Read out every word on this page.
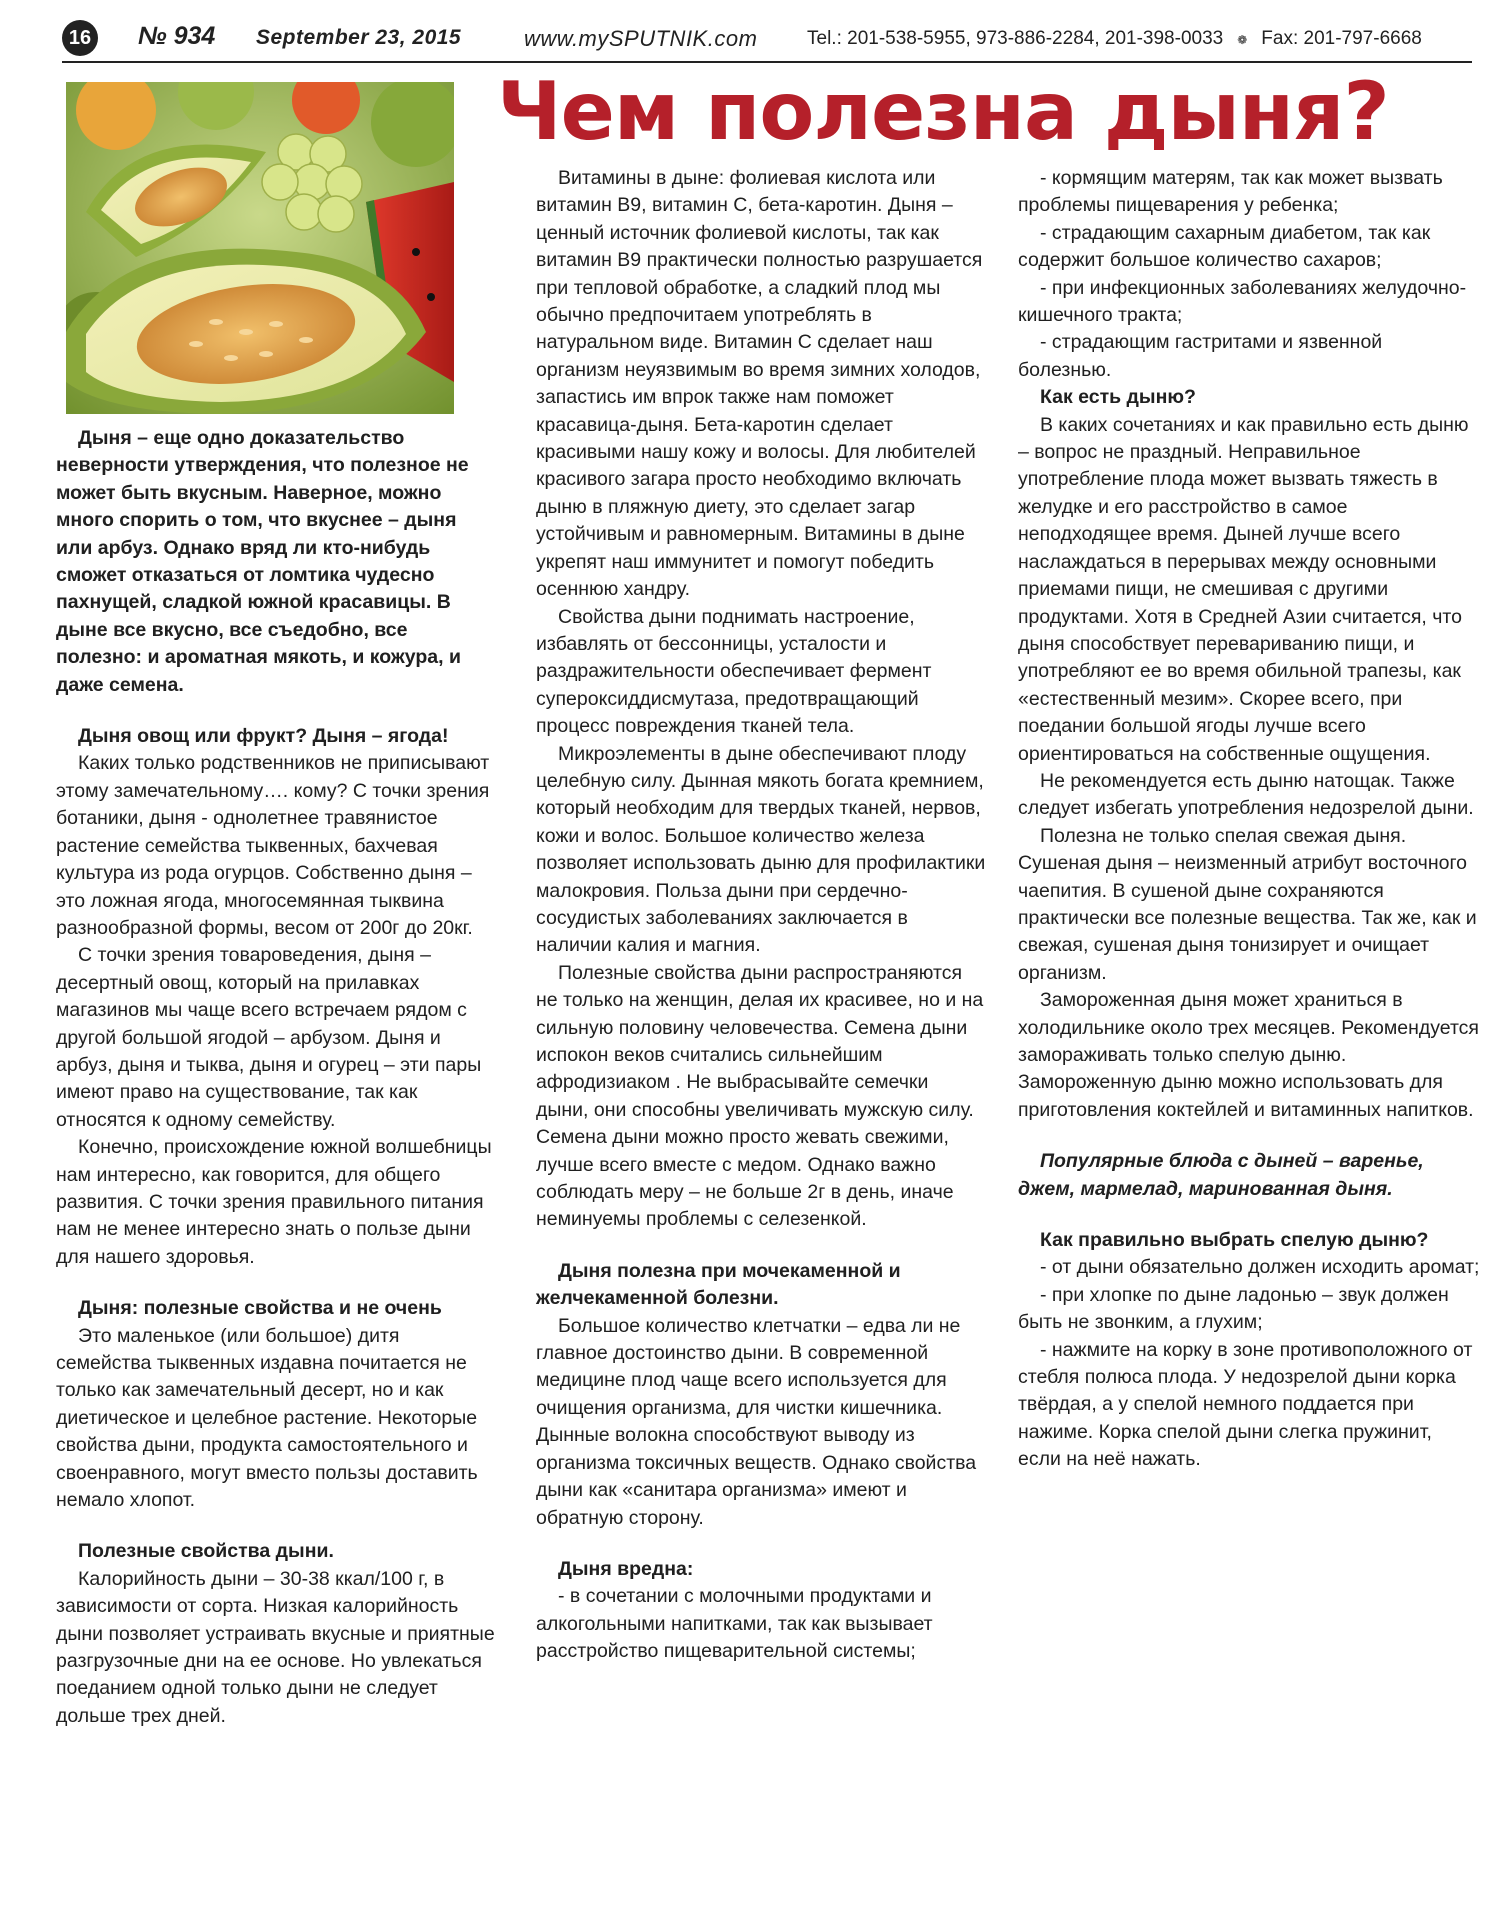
16 № 934 September 23, 2015	www.mySPUTNIK.com	Tel.: 201-538-5955, 973-886-2284, 201-398-0033 ❁ Fax: 201-797-6668
Чем полезна дыня?

Дыня – еще одно доказательство неверности утверждения, что полезное не может быть вкусным. Наверное, можно много спорить о том, что вкуснее – дыня или арбуз. Однако вряд ли кто-нибудь сможет отказаться от ломтика чудесно пахнущей, сладкой южной красавицы. В дыне все вкусно, все съедобно, все полезно: и ароматная мякоть, и кожура, и даже семена.

Дыня овощ или фрукт? Дыня – ягода!

Каких только родственников не приписывают этому замечательному…. кому? С точки зрения ботаники, дыня - однолетнее травянистое растение семейства тыквенных, бахчевая культура из рода огурцов. Собственно дыня – это ложная ягода, многосемянная тыквина разнообразной формы, весом от 200г до 20кг.

С точки зрения товароведения, дыня – десертный овощ, который на прилавках магазинов мы чаще всего встречаем рядом с другой большой ягодой – арбузом. Дыня и арбуз, дыня и тыква, дыня и огурец – эти пары имеют право на существование, так как относятся к одному семейству.

Конечно, происхождение южной волшебницы нам интересно, как говорится, для общего развития. С точки зрения правильного питания нам не менее интересно знать о пользе дыни для нашего здоровья.

Дыня: полезные свойства и не очень

Это маленькое (или большое) дитя семейства тыквенных издавна почитается не только как замечательный десерт, но и как диетическое и целебное растение. Некоторые свойства дыни, продукта самостоятельного и своенравного, могут вместо пользы доставить немало хлопот.

Полезные свойства дыни.

Калорийность дыни – 30-38 ккал/100 г, в зависимости от сорта. Низкая калорийность дыни позволяет устраивать вкусные и приятные разгрузочные дни на ее основе. Но увлекаться поеданием одной только дыни не следует дольше трех дней.

Витамины в дыне: фолиевая кислота или витамин В9, витамин С, бета-каротин. Дыня – ценный источник фолиевой кислоты, так как витамин В9 практически полностью разрушается при тепловой обработке, а сладкий плод мы обычно предпочитаем употреблять в натуральном виде. Витамин С сделает наш организм неуязвимым во время зимних холодов, запастись им впрок также нам поможет красавица-дыня. Бета-каротин сделает красивыми нашу кожу и волосы. Для любителей красивого загара просто необходимо включать дыню в пляжную диету, это сделает загар устойчивым и равномерным. Витамины в дыне укрепят наш иммунитет и помогут победить осеннюю хандру.

Свойства дыни поднимать настроение, избавлять от бессонницы, усталости и раздражительности обеспечивает фермент супероксиддисмутаза, предотвращающий процесс повреждения тканей тела.

Микроэлементы в дыне обеспечивают плоду целебную силу. Дынная мякоть богата кремнием, который необходим для твердых тканей, нервов, кожи и волос. Большое количество железа позволяет использовать дыню для профилактики малокровия. Польза дыни при сердечно-сосудистых заболеваниях заключается в наличии калия и магния.

Полезные свойства дыни распространяются не только на женщин, делая их красивее, но и на сильную половину человечества. Семена дыни испокон веков считались сильнейшим афродизиаком . Не выбрасывайте семечки дыни, они способны увеличивать мужскую силу. Семена дыни можно просто жевать свежими, лучше всего вместе с медом. Однако важно соблюдать меру – не больше 2г в день, иначе неминуемы проблемы с селезенкой.

Дыня полезна при мочекаменной и желчекаменной болезни.

Большое количество клетчатки – едва ли не главное достоинство дыни. В современной медицине плод чаще всего используется для очищения организма, для чистки кишечника. Дынные волокна способствуют выводу из организма токсичных веществ. Однако свойства дыни как «санитара организма» имеют и обратную сторону.

Дыня вредна:

- в сочетании с молочными продуктами и алкогольными напитками, так как вызывает расстройство пищеварительной системы;

- кормящим матерям, так как может вызвать проблемы пищеварения у ребенка;

- страдающим сахарным диабетом, так как содержит большое количество сахаров;

- при инфекционных заболеваниях желудочно-кишечного тракта;

- страдающим гастритами и язвенной болезнью.

Как есть дыню?

В каких сочетаниях и как правильно есть дыню – вопрос не праздный. Неправильное употребление плода может вызвать тяжесть в желудке и его расстройство в самое неподходящее время. Дыней лучше всего наслаждаться в перерывах между основными приемами пищи, не смешивая с другими продуктами. Хотя в Средней Азии считается, что дыня способствует перевариванию пищи, и употребляют ее во время обильной трапезы, как «естественный мезим». Скорее всего, при поедании большой ягоды лучше всего ориентироваться на собственные ощущения.

Не рекомендуется есть дыню натощак. Также следует избегать употребления недозрелой дыни.

Полезна не только спелая свежая дыня. Сушеная дыня – неизменный атрибут восточного чаепития. В сушеной дыне сохраняются практически все полезные вещества. Так же, как и свежая, сушеная дыня тонизирует и очищает организм.

Замороженная дыня может храниться в холодильнике около трех месяцев. Рекомендуется замораживать только спелую дыню. Замороженную дыню можно использовать для приготовления коктейлей и витаминных напитков.

Популярные блюда с дыней – варенье, джем, мармелад, маринованная дыня.

Как правильно выбрать спелую дыню?

- от дыни обязательно должен исходить аромат;

- при хлопке по дыне ладонью – звук должен быть не звонким, а глухим;

- нажмите на корку в зоне противоположного от стебля полюса плода. У недозрелой дыни корка твёрдая, а у спелой немного поддается при нажиме. Корка спелой дыни слегка пружинит, если на неё нажать.
